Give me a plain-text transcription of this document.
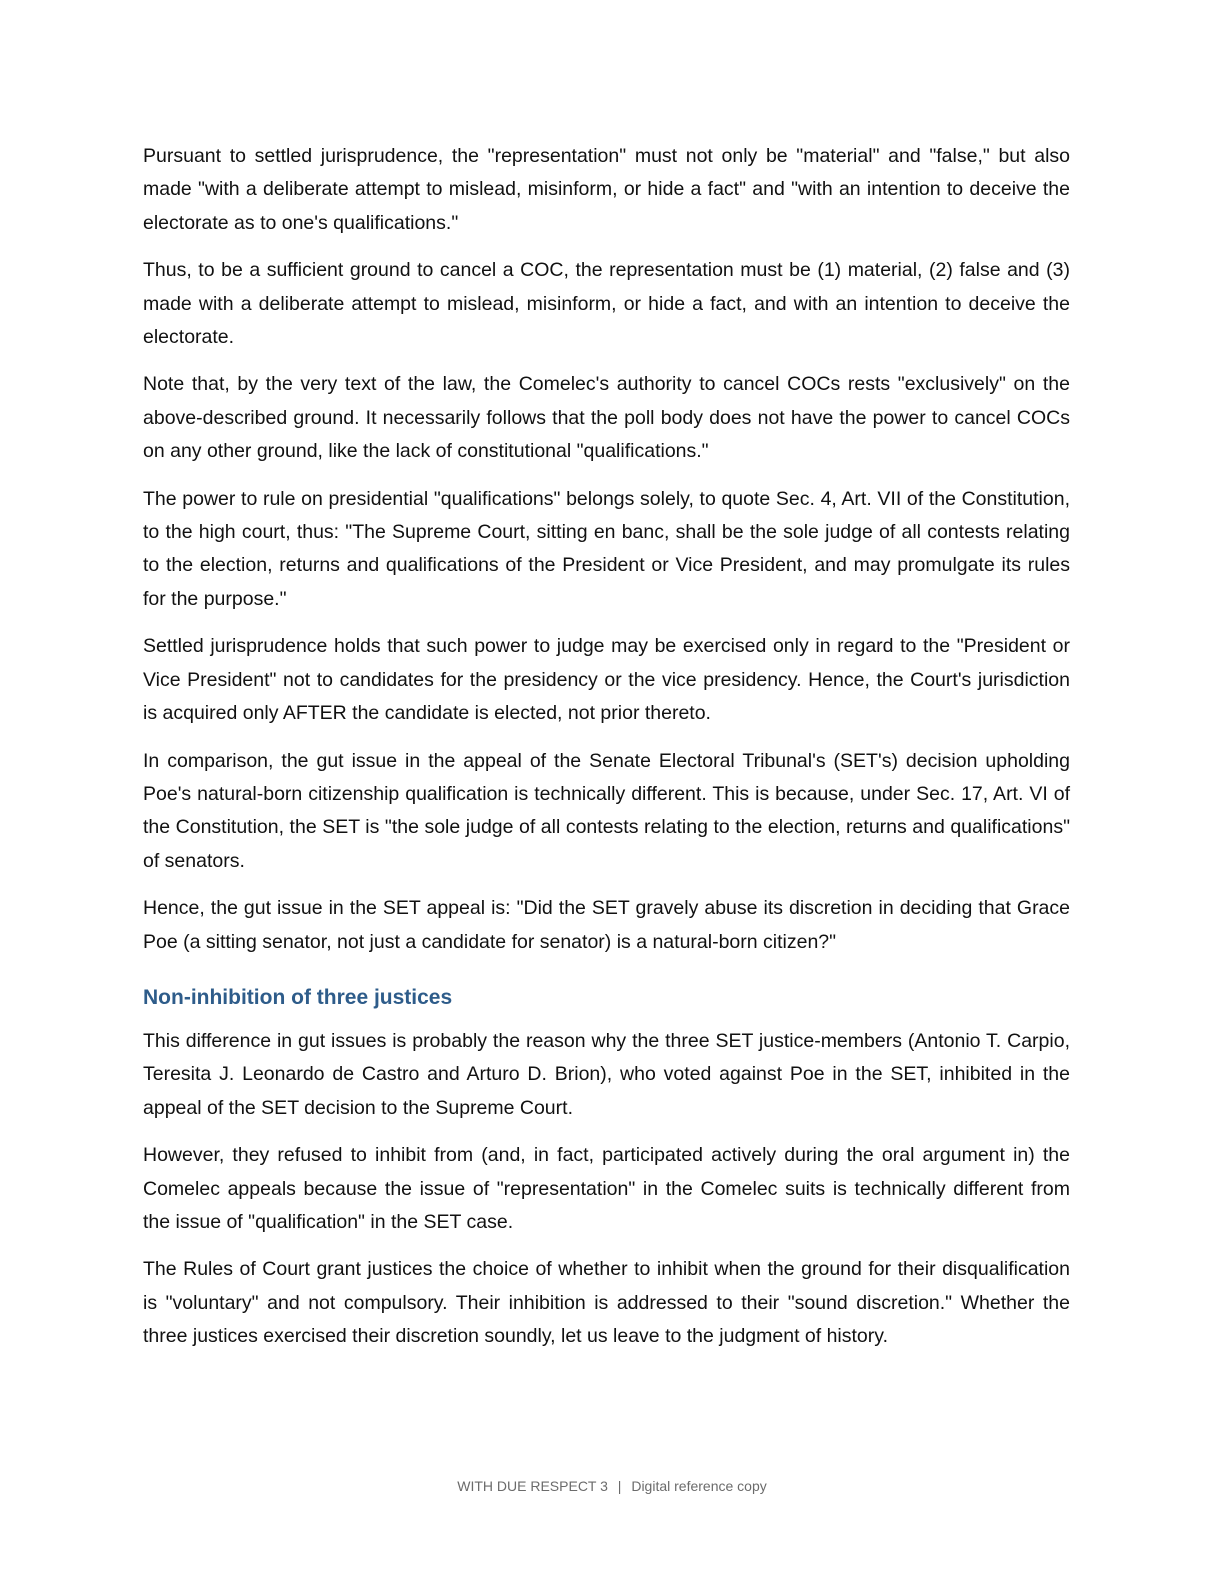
Pursuant to settled jurisprudence, the "representation" must not only be "material" and "false," but also made "with a deliberate attempt to mislead, misinform, or hide a fact" and "with an intention to deceive the electorate as to one's qualifications."

Thus, to be a sufficient ground to cancel a COC, the representation must be (1) material, (2) false and (3) made with a deliberate attempt to mislead, misinform, or hide a fact, and with an intention to deceive the electorate.

Note that, by the very text of the law, the Comelec's authority to cancel COCs rests "exclusively" on the above-described ground. It necessarily follows that the poll body does not have the power to cancel COCs on any other ground, like the lack of constitutional "qualifications."

The power to rule on presidential "qualifications" belongs solely, to quote Sec. 4, Art. VII of the Constitution, to the high court, thus: "The Supreme Court, sitting en banc, shall be the sole judge of all contests relating to the election, returns and qualifications of the President or Vice President, and may promulgate its rules for the purpose."

Settled jurisprudence holds that such power to judge may be exercised only in regard to the "President or Vice President" not to candidates for the presidency or the vice presidency. Hence, the Court's jurisdiction is acquired only AFTER the candidate is elected, not prior thereto.

In comparison, the gut issue in the appeal of the Senate Electoral Tribunal's (SET's) decision upholding Poe's natural-born citizenship qualification is technically different. This is because, under Sec. 17, Art. VI of the Constitution, the SET is "the sole judge of all contests relating to the election, returns and qualifications" of senators.

Hence, the gut issue in the SET appeal is: "Did the SET gravely abuse its discretion in deciding that Grace Poe (a sitting senator, not just a candidate for senator) is a natural-born citizen?"

Non-inhibition of three justices

This difference in gut issues is probably the reason why the three SET justice-members (Antonio T. Carpio, Teresita J. Leonardo de Castro and Arturo D. Brion), who voted against Poe in the SET, inhibited in the appeal of the SET decision to the Supreme Court.

However, they refused to inhibit from (and, in fact, participated actively during the oral argument in) the Comelec appeals because the issue of "representation" in the Comelec suits is technically different from the issue of "qualification" in the SET case.

The Rules of Court grant justices the choice of whether to inhibit when the ground for their disqualification is "voluntary" and not compulsory. Their inhibition is addressed to their "sound discretion." Whether the three justices exercised their discretion soundly, let us leave to the judgment of history.

WITH DUE RESPECT 3 | Digital reference copy
